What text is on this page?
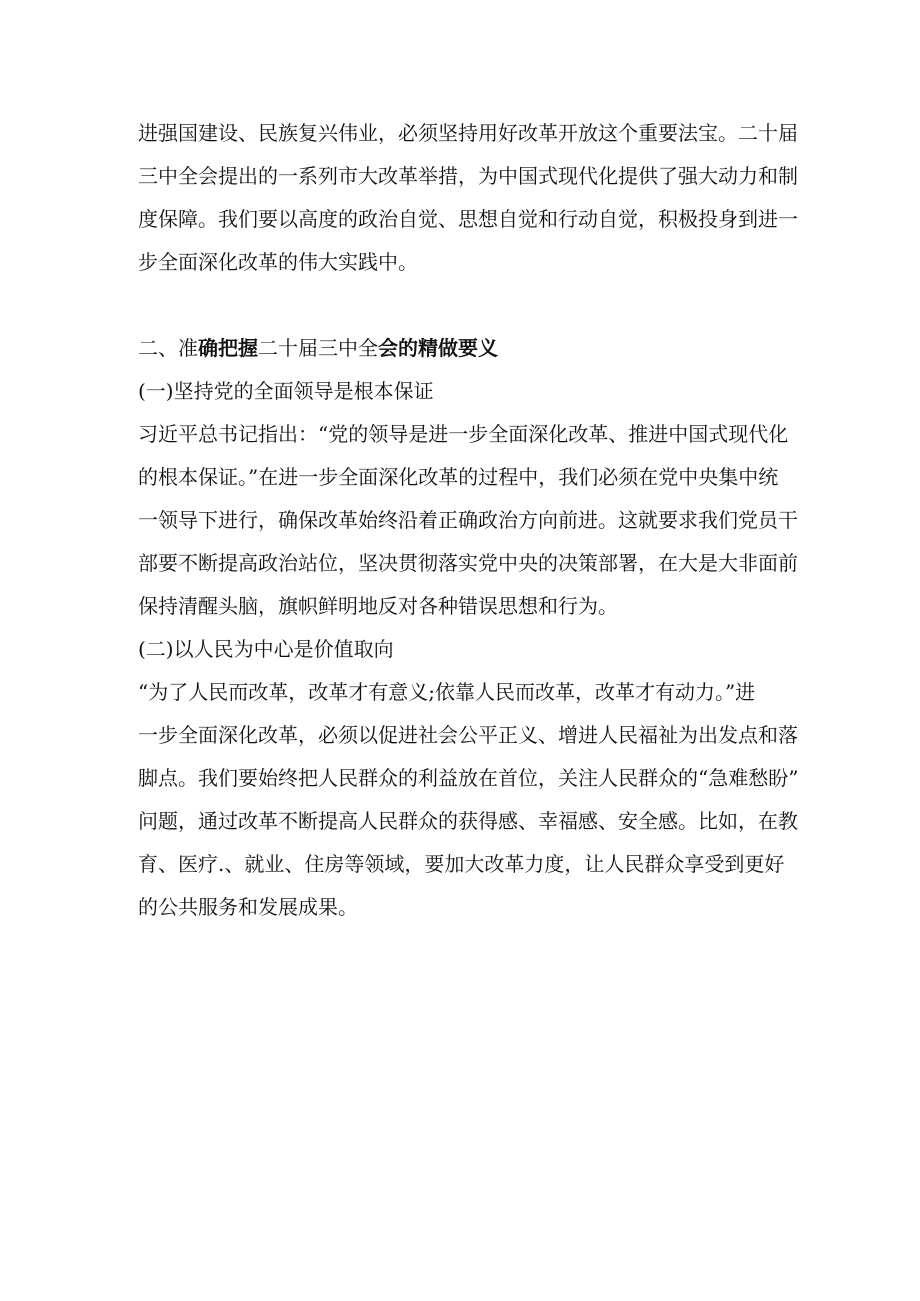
进强国建设、民族复兴伟业，必须坚持用好改革开放这个重要法宝。二十届
三中全会提出的一系列市大改革举措，为中国式现代化提供了强大动力和制
度保障。我们要以高度的政治自觉、思想自觉和行动自觉，积极投身到进一
步全面深化改革的伟大实践中。
二、准确把握二十届三中全会的精做要义
(一)坚持党的全面领导是根本保证
习近平总书记指出：“党的领导是进一步全面深化改革、推进中国式现代化
的根本保证。”在进一步全面深化改革的过程中，我们必须在党中央集中统
一领导下进行，确保改革始终沿着正确政治方向前进。这就要求我们党员干
部要不断提高政治站位，坚决贯彻落实党中央的决策部署，在大是大非面前
保持清醒头脑，旗帜鲜明地反对各种错误思想和行为。
(二)以人民为中心是价值取向
“为了人民而改革，改革才有意义;依靠人民而改革，改革才有动力。”进
一步全面深化改革，必须以促进社会公平正义、增进人民福祉为出发点和落
脚点。我们要始终把人民群众的利益放在首位，关注人民群众的“急难愁盼”
问题，通过改革不断提高人民群众的获得感、幸福感、安全感。比如，在教
育、医疗.、就业、住房等领域，要加大改革力度，让人民群众享受到更好
的公共服务和发展成果。
